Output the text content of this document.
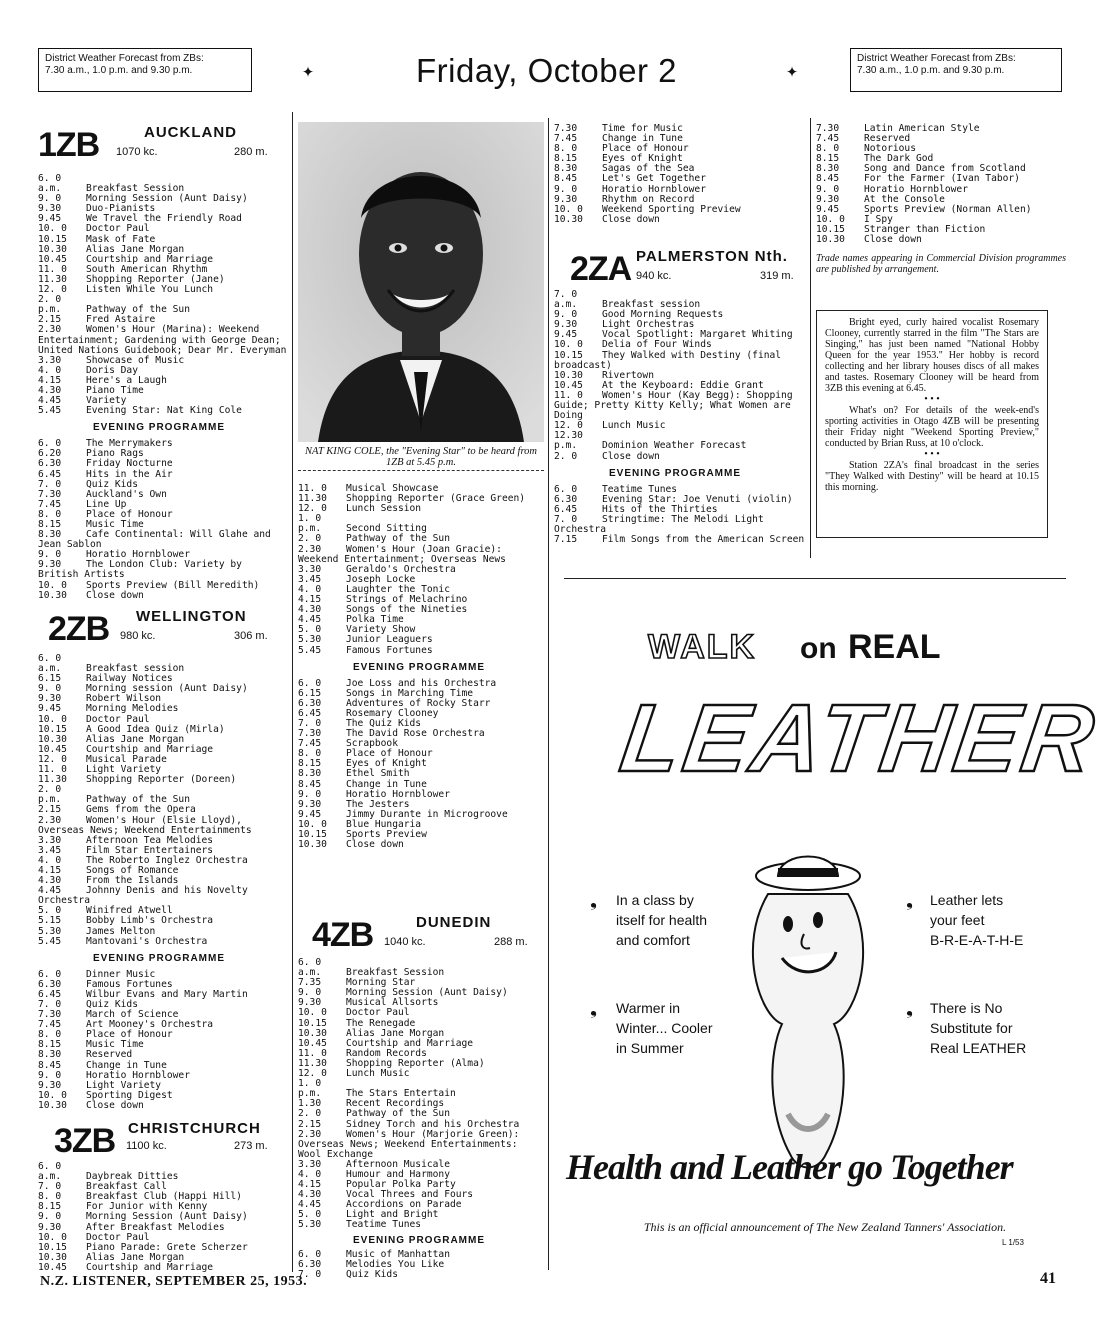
District Weather Forecast from ZBs:
7.30 a.m., 1.0 p.m. and 9.30 p.m.	✦	Friday, October 2	✦	District Weather Forecast from ZBs:
7.30 a.m., 1.0 p.m. and 9.30 p.m.
1ZB	AUCKLAND
1070 kc.	280 m.
6. 0 a.m.	Breakfast Session
9. 0	Morning Session (Aunt Daisy)
9.30	Duo-Pianists
9.45	We Travel the Friendly Road
10. 0 Doctor Paul
10.15 Mask of Fate
10.30 Alias Jane Morgan
10.45 Courtship and Marriage
11. 0 South American Rhythm
11.30 Shopping Reporter (Jane)
12. 0 Listen While You Lunch
2. 0 p.m.	Pathway of the Sun
2.15	Fred Astaire
2.30	Women's Hour (Marina): Weekend Entertainment; Gardening with George Dean; United Nations Guidebook; Dear Mr. Everyman
3.30	Showcase of Music
4. 0	Doris Day
4.15	Here's a Laugh
4.30	Piano Time
4.45	Variety
5.45	Evening Star: Nat King Cole
EVENING PROGRAMME
6. 0	The Merrymakers
6.20	Piano Rags
6.30	Friday Nocturne
6.45	Hits in the Air
7. 0	Quiz Kids
7.30	Auckland's Own
7.45	Line Up
8. 0	Place of Honour
8.15	Music Time
8.30	Cafe Continental: Will Glahe and Jean Sablon
9. 0	Horatio Hornblower
9.30	The London Club: Variety by British Artists
10. 0 Sports Preview (Bill Meredith)
10.30 Close down
2ZB WELLINGTON
980 kc.	306 m.
6. 0 a.m.	Breakfast session
6.15	Railway Notices
9. 0	Morning session (Aunt Daisy)
9.30	Robert Wilson
9.45	Morning Melodies
10. 0 Doctor Paul
10.15 A Good Idea Quiz (Mirla)
10.30 Alias Jane Morgan
10.45 Courtship and Marriage
12. 0 Musical Parade
11. 0 Light Variety
11.30 Shopping Reporter (Doreen)
2. 0 p.m.	Pathway of the Sun
2.15	Gems from the Opera
2.30	Women's Hour (Elsie Lloyd), Overseas News; Weekend Entertainments
3.30	Afternoon Tea Melodies
3.45	Film Star Entertainers
4. 0	The Roberto Inglez Orchestra
4.15	Songs of Romance
4.30	From the Islands
4.45	Johnny Denis and his Novelty Orchestra
5. 0	Winifred Atwell
5.15	Bobby Limb's Orchestra
5.30	James Melton
5.45	Mantovani's Orchestra
EVENING PROGRAMME
6. 0	Dinner Music
6.30	Famous Fortunes
6.45	Wilbur Evans and Mary Martin
7. 0	Quiz Kids
7.30	March of Science
7.45	Art Mooney's Orchestra
8. 0	Place of Honour
8.15	Music Time
8.30	Reserved
8.45	Change in Tune
9. 0	Horatio Hornblower
9.30	Light Variety
10. 0 Sporting Digest
10.30 Close down
3ZB CHRISTCHURCH
1100 kc.	273 m.
6. 0 a.m.	Daybreak Ditties
7. 0	Breakfast Call
8. 0	Breakfast Club (Happi Hill)
8.15	For Junior with Kenny
9. 0	Morning Session (Aunt Daisy)
9.30	After Breakfast Melodies
10. 0 Doctor Paul
10.15 Piano Parade: Grete Scherzer
10.30 Alias Jane Morgan
10.45 Courtship and Marriage
NAT KING COLE, the "Evening Star" to be heard from 1ZB at 5.45 p.m.
11. 0 Musical Showcase
11.30 Shopping Reporter (Grace Green)
12. 0 Lunch Session
1. 0 p.m.	Second Sitting
2. 0	Pathway of the Sun
2.30	Women's Hour (Joan Gracie): Weekend Entertainment; Overseas News
3.30	Geraldo's Orchestra
3.45	Joseph Locke
4. 0	Laughter the Tonic
4.15	Strings of Melachrino
4.30	Songs of the Nineties
4.45	Polka Time
5. 0	Variety Show
5.30	Junior Leaguers
5.45	Famous Fortunes
EVENING PROGRAMME
6. 0	Joe Loss and his Orchestra
6.15	Songs in Marching Time
6.30	Adventures of Rocky Starr
6.45	Rosemary Clooney
7. 0	The Quiz Kids
7.30	The David Rose Orchestra
7.45	Scrapbook
8. 0	Place of Honour
8.15	Eyes of Knight
8.30	Ethel Smith
8.45	Change in Tune
9. 0	Horatio Hornblower
9.30	The Jesters
9.45	Jimmy Durante in Microgroove
10. 0 Blue Hungaria
10.15 Sports Preview
10.30 Close down
4ZB	DUNEDIN
1040 kc.	288 m.
6. 0 a.m.	Breakfast Session
7.35	Morning Star
9. 0	Morning Session (Aunt Daisy)
9.30	Musical Allsorts
10. 0 Doctor Paul
10.15 The Renegade
10.30 Alias Jane Morgan
10.45 Courtship and Marriage
11. 0 Random Records
11.30 Shopping Reporter (Alma)
12. 0 Lunch Music
1. 0 p.m.	The Stars Entertain
1.30	Recent Recordings
2. 0	Pathway of the Sun
2.15	Sidney Torch and his Orchestra
2.30	Women's Hour (Marjorie Green): Overseas News; Weekend Entertainments: Wool Exchange
3.30	Afternoon Musicale
4. 0	Humour and Harmony
4.15	Popular Polka Party
4.30	Vocal Threes and Fours
4.45	Accordions on Parade
5. 0	Light and Bright
5.30	Teatime Tunes
EVENING PROGRAMME
6. 0	Music of Manhattan
6.30	Melodies You Like
7. 0	Quiz Kids
7.30	Time for Music
7.45	Change in Tune
8. 0	Place of Honour
8.15	Eyes of Knight
8.30	Sagas of the Sea
8.45	Let's Get Together
9. 0	Horatio Hornblower
9.30	Rhythm on Record
10. 0 Weekend Sporting Preview
10.30 Close down
2ZA PALMERSTON Nth.
940 kc.	319 m.
7. 0 a.m.	Breakfast session
9. 0	Good Morning Requests
9.30	Light Orchestras
9.45	Vocal Spotlight: Margaret Whiting
10. 0 Delia of Four Winds
10.15 They Walked with Destiny (final broadcast)
10.30 Rivertown
10.45 At the Keyboard: Eddie Grant
11. 0 Women's Hour (Kay Begg): Shopping Guide; Pretty Kitty Kelly; What Women are Doing
12. 0 Lunch Music
12.30 p.m.	Dominion Weather Forecast
2. 0	Close down
EVENING PROGRAMME
6. 0	Teatime Tunes
6.30	Evening Star: Joe Venuti (violin)
6.45	Hits of the Thirties
7. 0	Stringtime: The Melodi Light Orchestra
7.15	Film Songs from the American Screen
7.30	Latin American Style
7.45	Reserved
8. 0	Notorious
8.15	The Dark God
8.30	Song and Dance from Scotland
8.45	For the Farmer (Ivan Tabor)
9. 0	Horatio Hornblower
9.30	At the Console
9.45	Sports Preview (Norman Allen)
10. 0 I Spy
10.15 Stranger than Fiction
10.30 Close down
Trade names appearing in Commercial Division programmes are published by arrangement.
Bright eyed, curly haired vocalist Rosemary Clooney, currently starred in the film "The Stars are Singing," has just been named "National Hobby Queen for the year 1953." Her hobby is record collecting and her library houses discs of all makes and tastes. Rosemary Clooney will be heard from 3ZB this evening at 6.45.
• • •
What's on? For details of the week-end's sporting activities in Otago 4ZB will be presenting their Friday night "Weekend Sporting Preview," conducted by Brian Russ, at 10 o'clock.
• • •
Station 2ZA's final broadcast in the series "They Walked with Destiny" will be heard at 10.15 this morning.
WALK on REAL
LEATHER
❟	In a class by
itself for health
and comfort
❟	Warmer in
Winter... Cooler
in Summer
❟	Leather lets
your feet
B-R-E-A-T-H-E
❟	There is No
Substitute for
Real LEATHER
Health and Leather go Together
This is an official announcement of The New Zealand Tanners' Association.
L 1/53
N.Z. LISTENER, SEPTEMBER 25, 1953.	41
